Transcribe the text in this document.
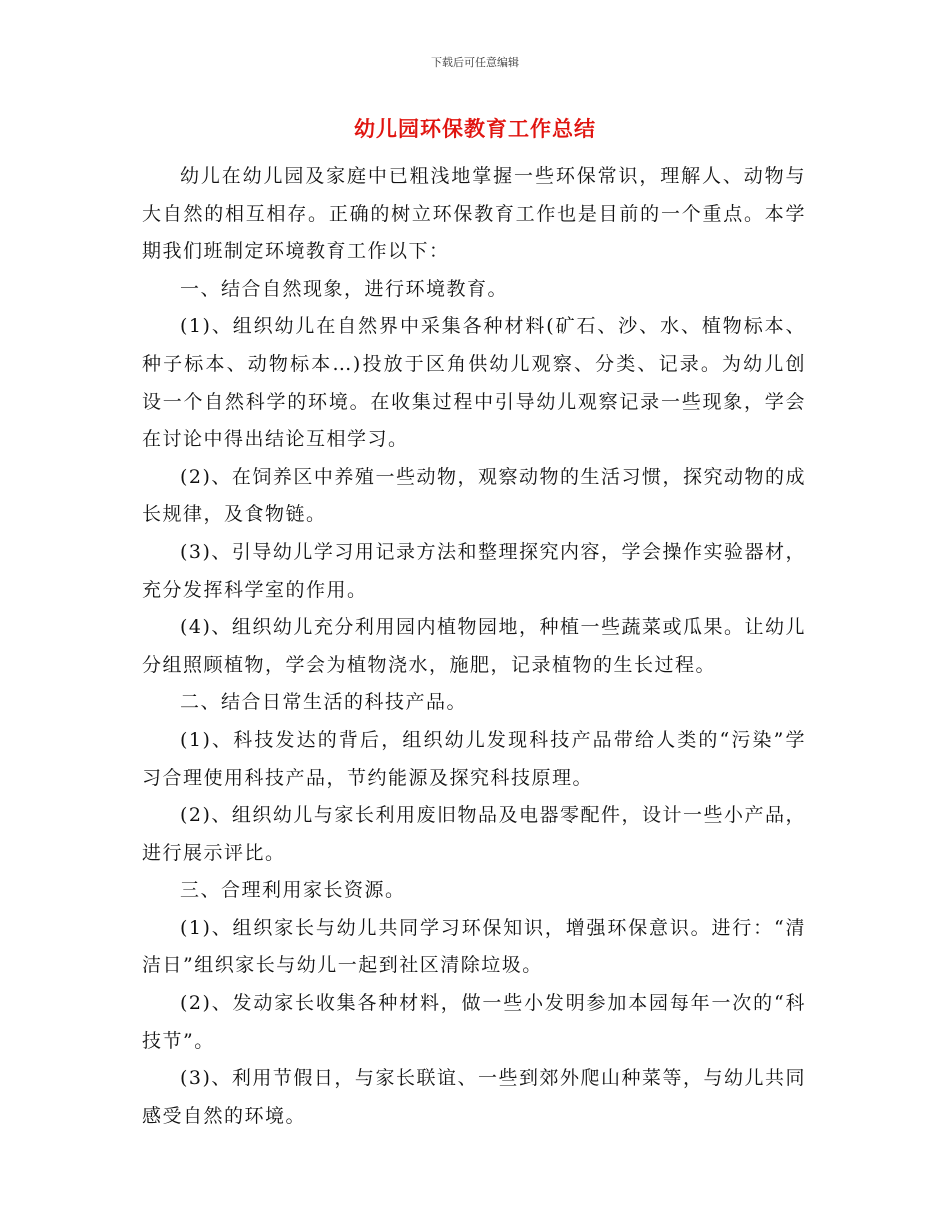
下载后可任意编辑
幼儿园环保教育工作总结

幼儿在幼儿园及家庭中已粗浅地掌握一些环保常识，理解人、动物与大自然的相互相存。正确的树立环保教育工作也是目前的一个重点。本学期我们班制定环境教育工作以下：

一、结合自然现象，进行环境教育。

(1)、组织幼儿在自然界中采集各种材料(矿石、沙、水、植物标本、种子标本、动物标本…)投放于区角供幼儿观察、分类、记录。为幼儿创设一个自然科学的环境。在收集过程中引导幼儿观察记录一些现象，学会在讨论中得出结论互相学习。

(2)、在饲养区中养殖一些动物，观察动物的生活习惯，探究动物的成长规律，及食物链。

(3)、引导幼儿学习用记录方法和整理探究内容，学会操作实验器材，充分发挥科学室的作用。

(4)、组织幼儿充分利用园内植物园地，种植一些蔬菜或瓜果。让幼儿分组照顾植物，学会为植物浇水，施肥，记录植物的生长过程。

二、结合日常生活的科技产品。

(1)、科技发达的背后，组织幼儿发现科技产品带给人类的“污染”学习合理使用科技产品，节约能源及探究科技原理。

(2)、组织幼儿与家长利用废旧物品及电器零配件，设计一些小产品，进行展示评比。

三、合理利用家长资源。

(1)、组织家长与幼儿共同学习环保知识，增强环保意识。进行：“清洁日”组织家长与幼儿一起到社区清除垃圾。

(2)、发动家长收集各种材料，做一些小发明参加本园每年一次的“科技节”。

(3)、利用节假日，与家长联谊、一些到郊外爬山种菜等，与幼儿共同感受自然的环境。
